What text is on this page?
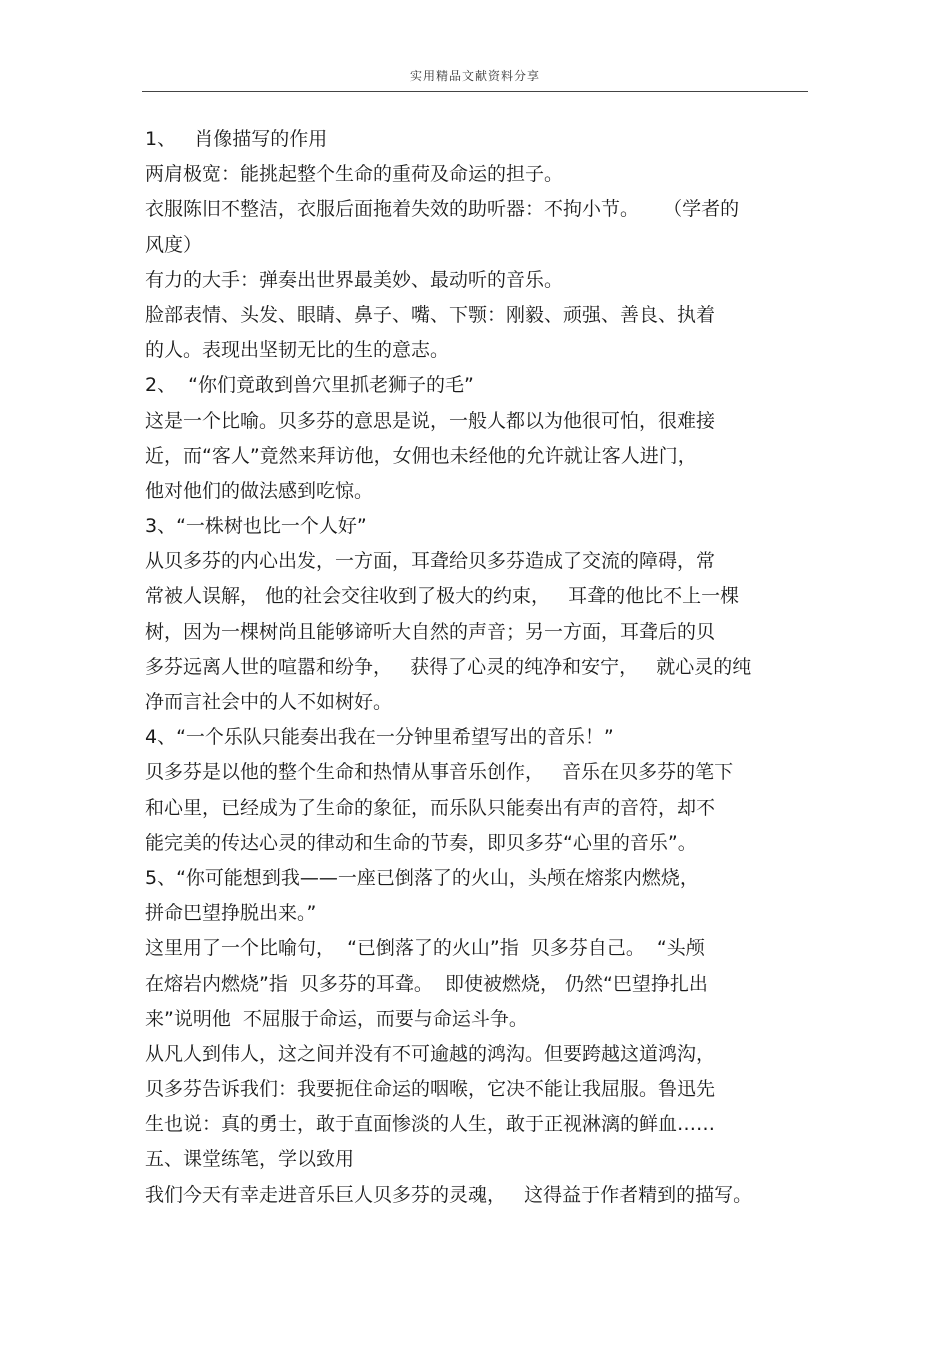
实用精品文献资料分享
1、   肖像描写的作用
两肩极宽：能挑起整个生命的重荷及命运的担子。
衣服陈旧不整洁，衣服后面拖着失效的助听器：不拘小节。    （学者的
风度）
有力的大手：弹奏出世界最美妙、最动听的音乐。
脸部表情、头发、眼睛、鼻子、嘴、下颚：刚毅、顽强、善良、执着
的人。表现出坚韧无比的生的意志。
2、  “你们竟敢到兽穴里抓老狮子的毛”
这是一个比喻。贝多芬的意思是说，一般人都以为他很可怕，很难接
近，而“客人”竟然来拜访他，女佣也未经他的允许就让客人进门，
他对他们的做法感到吃惊。
3、“一株树也比一个人好”
从贝多芬的内心出发，一方面，耳聋给贝多芬造成了交流的障碍，常
常被人误解， 他的社会交往收到了极大的约束，   耳聋的他比不上一棵
树，因为一棵树尚且能够谛听大自然的声音；另一方面，耳聋后的贝
多芬远离人世的喧嚣和纷争，   获得了心灵的纯净和安宁，   就心灵的纯
净而言社会中的人不如树好。
4、“一个乐队只能奏出我在一分钟里希望写出的音乐！”
贝多芬是以他的整个生命和热情从事音乐创作，   音乐在贝多芬的笔下
和心里，已经成为了生命的象征，而乐队只能奏出有声的音符，却不
能完美的传达心灵的律动和生命的节奏，即贝多芬“心里的音乐”。
5、“你可能想到我——一座已倒落了的火山，头颅在熔浆内燃烧，
拼命巴望挣脱出来。”
这里用了一个比喻句，  “已倒落了的火山”指  贝多芬自己。  “头颅
在熔岩内燃烧”指  贝多芬的耳聋。  即使被燃烧， 仍然“巴望挣扎出
来”说明他  不屈服于命运，而要与命运斗争。
从凡人到伟人，这之间并没有不可逾越的鸿沟。但要跨越这道鸿沟，
贝多芬告诉我们：我要扼住命运的咽喉，它决不能让我屈服。鲁迅先
生也说：真的勇士，敢于直面惨淡的人生，敢于正视淋漓的鲜血……
五、课堂练笔，学以致用
我们今天有幸走进音乐巨人贝多芬的灵魂，   这得益于作者精到的描写。
